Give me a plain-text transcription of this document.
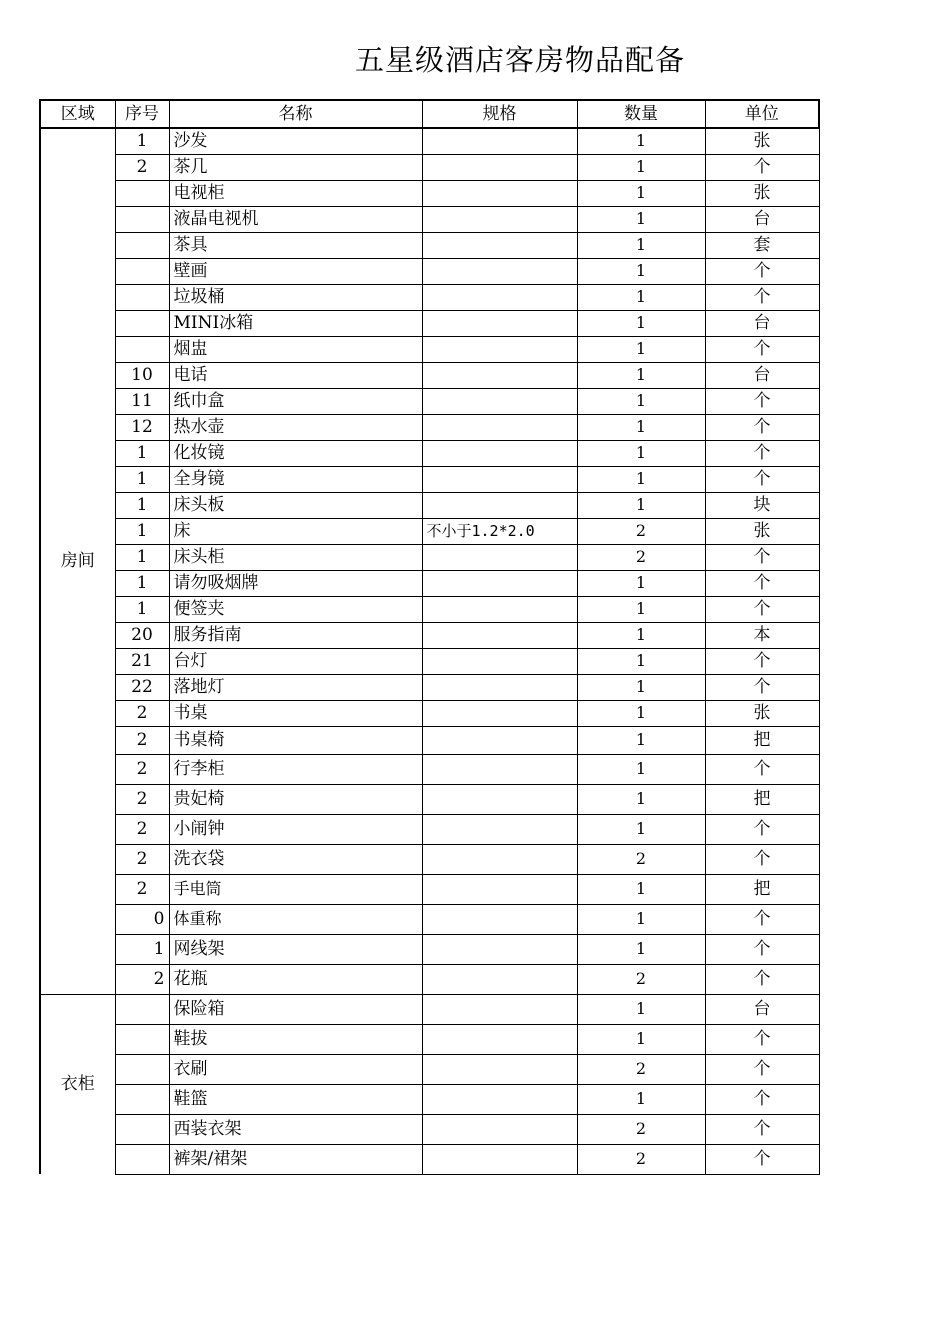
五星级酒店客房物品配备
区域	序号	名称	规格	数量	单位
房间	1	沙发		1	张
	2	茶几		1	个
		电视柜		1	张
		液晶电视机		1	台
		茶具		1	套
		壁画		1	个
		垃圾桶		1	个
		MINI冰箱		1	台
		烟盅		1	个
	10	电话		1	台
	11	纸巾盒		1	个
	12	热水壶		1	个
	1	化妆镜		1	个
	1	全身镜		1	个
	1	床头板		1	块
	1	床	不小于1.2*2.0	2	张
	1	床头柜		2	个
	1	请勿吸烟牌		1	个
	1	便签夹		1	个
	20	服务指南		1	本
	21	台灯		1	个
	22	落地灯		1	个
	2	书桌		1	张
	2	书桌椅		1	把
	2	行李柜		1	个
	2	贵妃椅		1	把
	2	小闹钟		1	个
	2	洗衣袋		2	个
	2	手电筒		1	把
	0	体重称		1	个
	1	网线架		1	个
	2	花瓶		2	个
衣柜		保险箱		1	台
		鞋拔		1	个
		衣刷		2	个
		鞋篮		1	个
		西装衣架		2	个
		裤架/裙架		2	个
